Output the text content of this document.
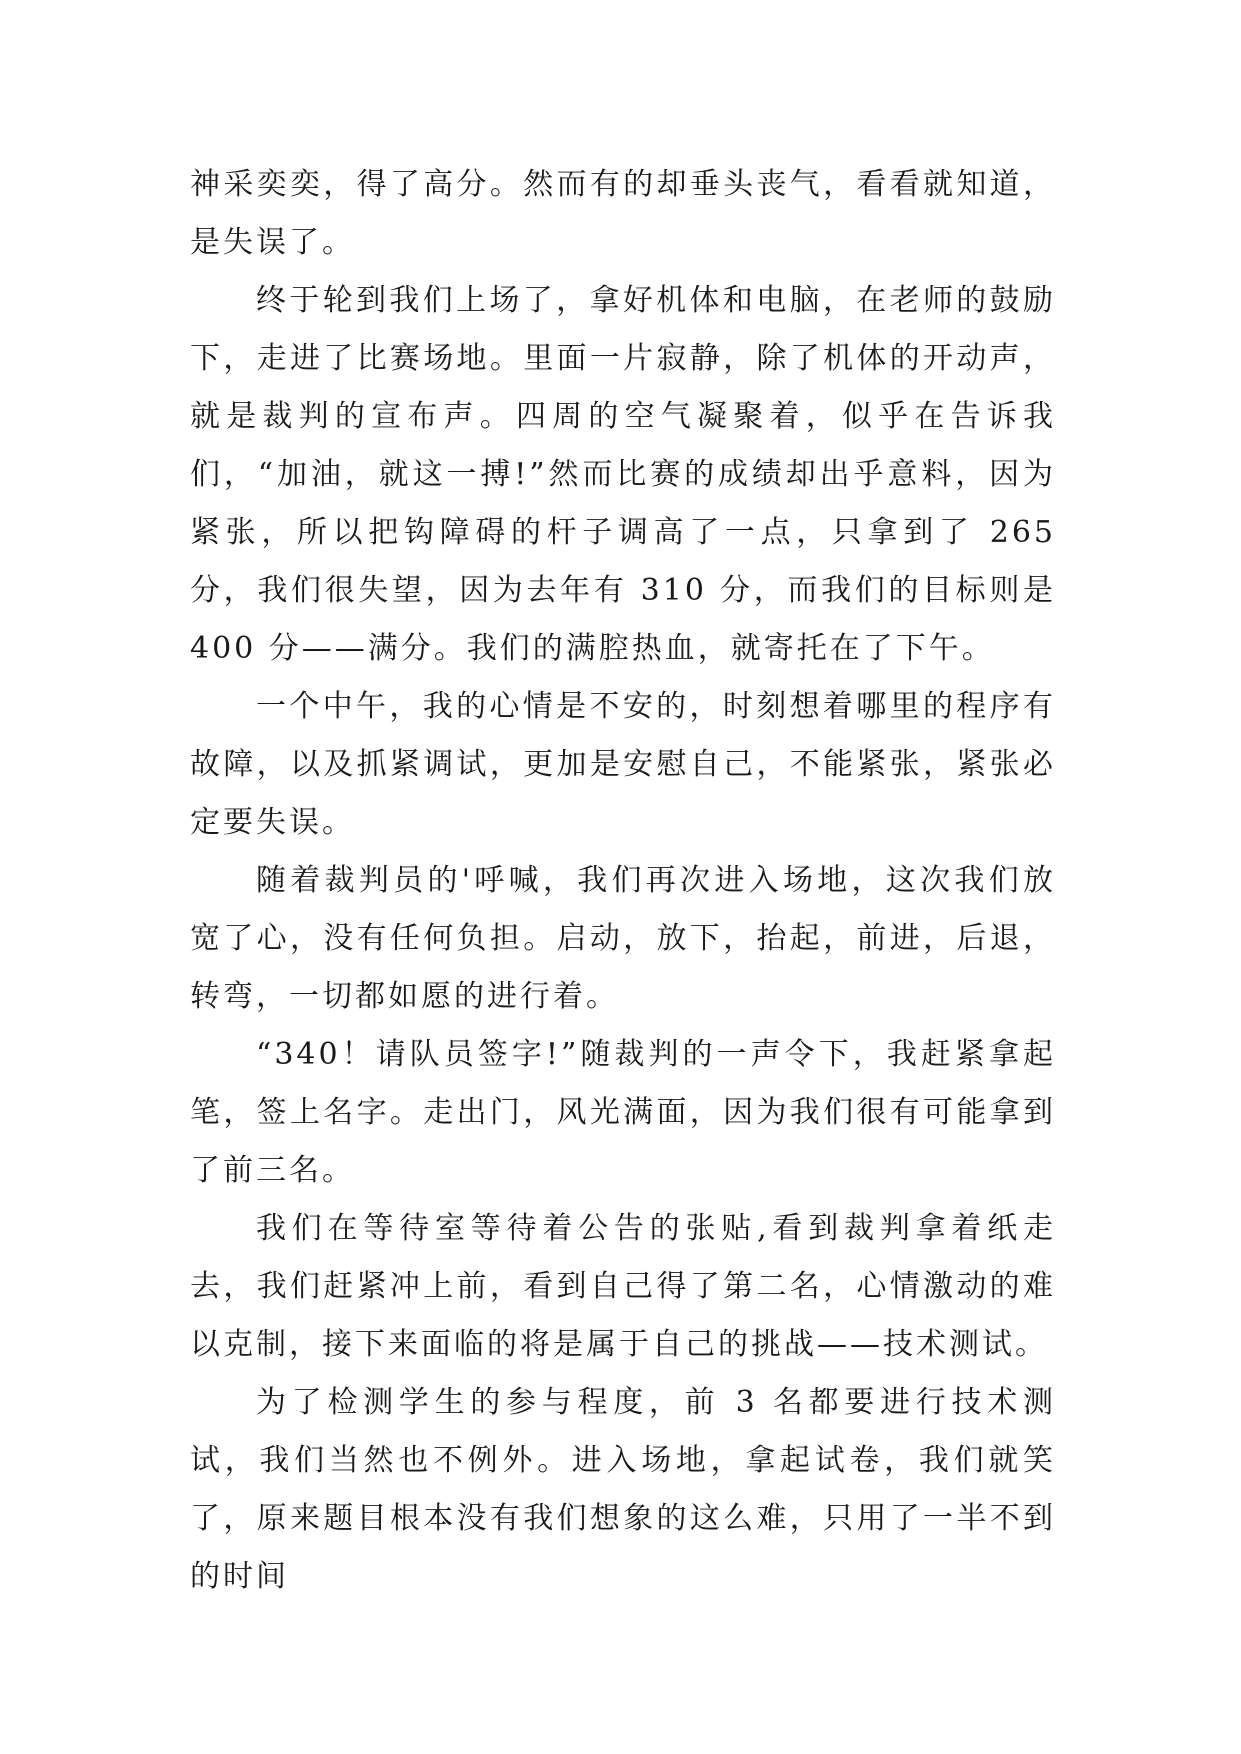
神采奕奕，得了高分。然而有的却垂头丧气，看看就知道，是失误了。

终于轮到我们上场了，拿好机体和电脑，在老师的鼓励下，走进了比赛场地。里面一片寂静，除了机体的开动声，就是裁判的宣布声。四周的空气凝聚着，似乎在告诉我们，“加油，就这一搏!”然而比赛的成绩却出乎意料，因为紧张，所以把钩障碍的杆子调高了一点，只拿到了 265 分，我们很失望，因为去年有 310 分，而我们的目标则是 400 分——满分。我们的满腔热血，就寄托在了下午。

一个中午，我的心情是不安的，时刻想着哪里的程序有故障，以及抓紧调试，更加是安慰自己，不能紧张，紧张必定要失误。

随着裁判员的'呼喊，我们再次进入场地，这次我们放宽了心，没有任何负担。启动，放下，抬起，前进，后退，转弯，一切都如愿的进行着。

“340！请队员签字!”随裁判的一声令下，我赶紧拿起笔，签上名字。走出门，风光满面，因为我们很有可能拿到了前三名。

我们在等待室等待着公告的张贴,看到裁判拿着纸走去，我们赶紧冲上前，看到自己得了第二名，心情激动的难以克制，接下来面临的将是属于自己的挑战——技术测试。

为了检测学生的参与程度，前 3 名都要进行技术测试，我们当然也不例外。进入场地，拿起试卷，我们就笑了，原来题目根本没有我们想象的这么难，只用了一半不到的时间
